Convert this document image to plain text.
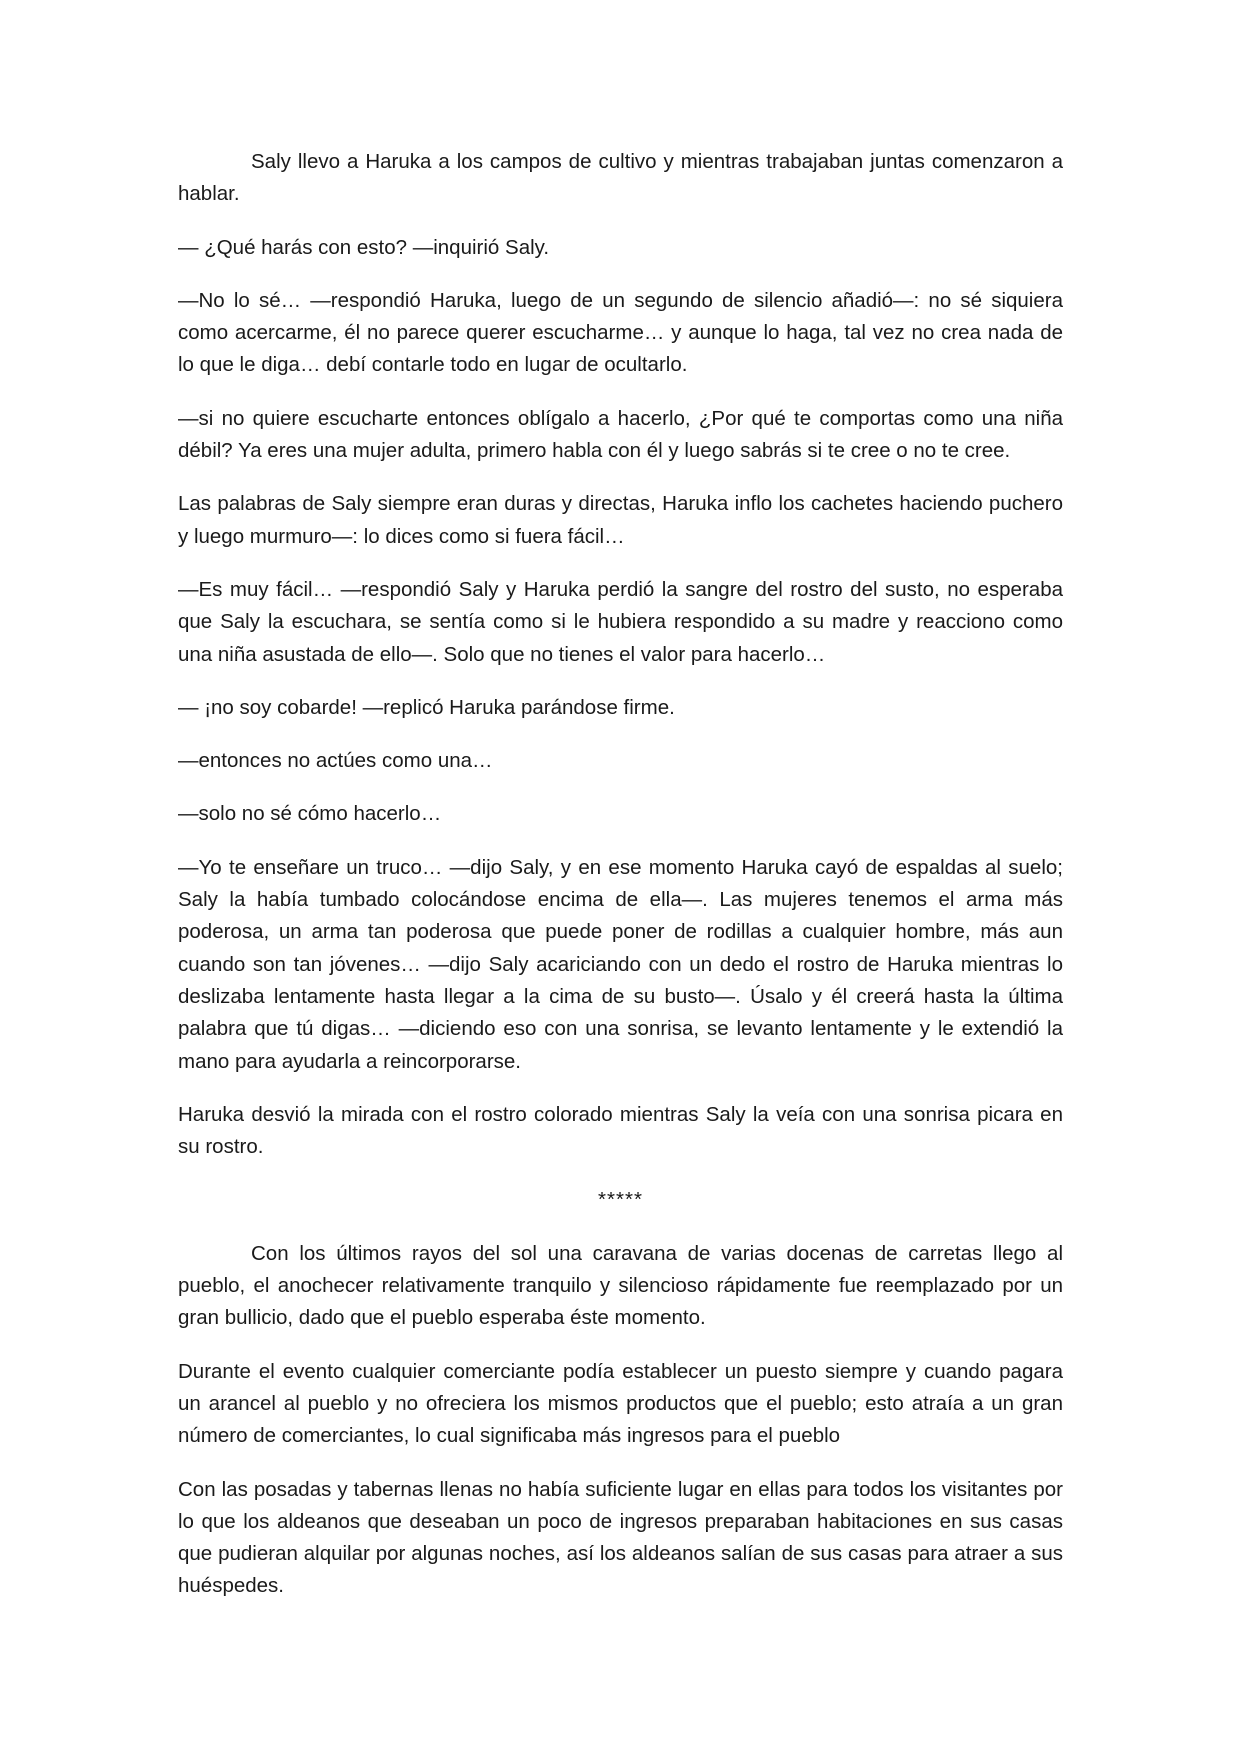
Saly llevo a Haruka a los campos de cultivo y mientras trabajaban juntas comenzaron a hablar.

— ¿Qué harás con esto? —inquirió Saly.

—No lo sé… —respondió Haruka, luego de un segundo de silencio añadió—: no sé siquiera como acercarme, él no parece querer escucharme… y aunque lo haga, tal vez no crea nada de lo que le diga… debí contarle todo en lugar de ocultarlo.

—si no quiere escucharte entonces oblígalo a hacerlo, ¿Por qué te comportas como una niña débil? Ya eres una mujer adulta, primero habla con él y luego sabrás si te cree o no te cree.

Las palabras de Saly siempre eran duras y directas, Haruka inflo los cachetes haciendo puchero y luego murmuro—: lo dices como si fuera fácil…

—Es muy fácil… —respondió Saly y Haruka perdió la sangre del rostro del susto, no esperaba que Saly la escuchara, se sentía como si le hubiera respondido a su madre y reacciono como una niña asustada de ello—. Solo que no tienes el valor para hacerlo…

— ¡no soy cobarde! —replicó Haruka parándose firme.

—entonces no actúes como una…

—solo no sé cómo hacerlo…

—Yo te enseñare un truco… —dijo Saly, y en ese momento Haruka cayó de espaldas al suelo; Saly la había tumbado colocándose encima de ella—. Las mujeres tenemos el arma más poderosa, un arma tan poderosa que puede poner de rodillas a cualquier hombre, más aun cuando son tan jóvenes… —dijo Saly acariciando con un dedo el rostro de Haruka mientras lo deslizaba lentamente hasta llegar a la cima de su busto—. Úsalo y él creerá hasta la última palabra que tú digas… —diciendo eso con una sonrisa, se levanto lentamente y le extendió la mano para ayudarla a reincorporarse.

Haruka desvió la mirada con el rostro colorado mientras Saly la veía con una sonrisa picara en su rostro.

*****

Con los últimos rayos del sol una caravana de varias docenas de carretas llego al pueblo, el anochecer relativamente tranquilo y silencioso rápidamente fue reemplazado por un gran bullicio, dado que el pueblo esperaba éste momento.

Durante el evento cualquier comerciante podía establecer un puesto siempre y cuando pagara un arancel al pueblo y no ofreciera los mismos productos que el pueblo; esto atraía a un gran número de comerciantes, lo cual significaba más ingresos para el pueblo

Con las posadas y tabernas llenas no había suficiente lugar en ellas para todos los visitantes por lo que los aldeanos que deseaban un poco de ingresos preparaban habitaciones en sus casas que pudieran alquilar por algunas noches, así los aldeanos salían de sus casas para atraer a sus huéspedes.
